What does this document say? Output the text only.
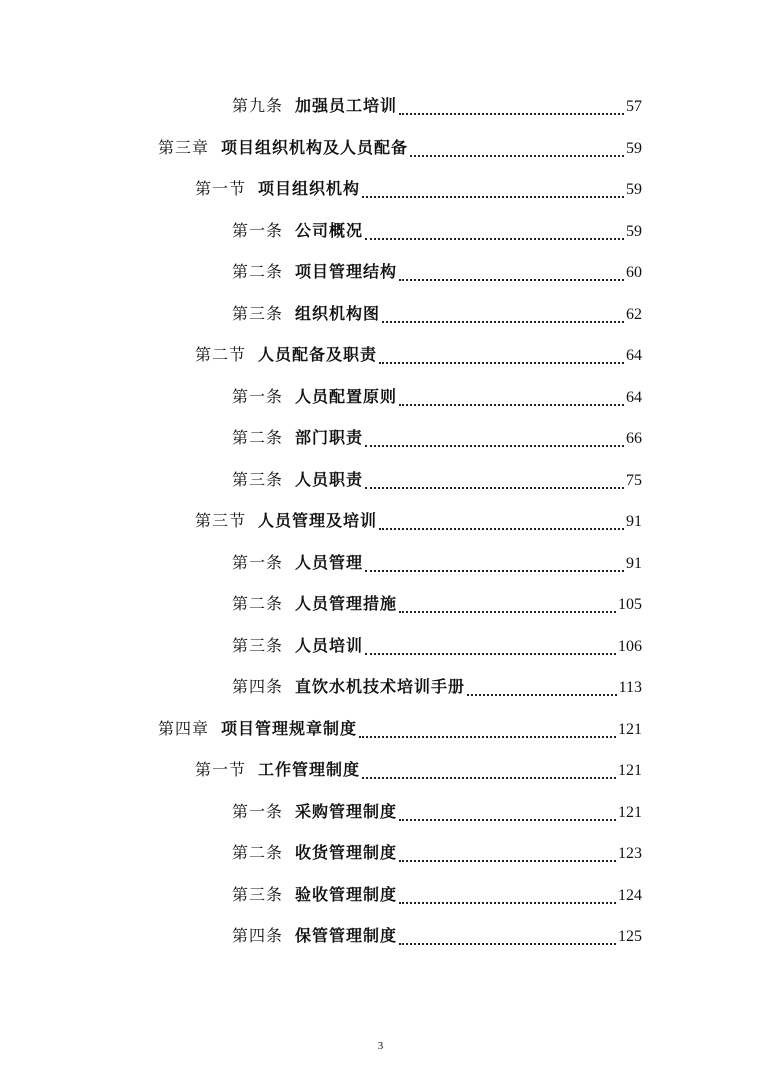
第九条 加强员工培训	57
第三章 项目组织机构及人员配备	59
第一节 项目组织机构	59
第一条 公司概况	59
第二条 项目管理结构	60
第三条 组织机构图	62
第二节 人员配备及职责	64
第一条 人员配置原则	64
第二条 部门职责	66
第三条 人员职责	75
第三节 人员管理及培训	91
第一条 人员管理	91
第二条 人员管理措施	105
第三条 人员培训	106
第四条 直饮水机技术培训手册	113
第四章 项目管理规章制度	121
第一节 工作管理制度	121
第一条 采购管理制度	121
第二条 收货管理制度	123
第三条 验收管理制度	124
第四条 保管管理制度	125
3
